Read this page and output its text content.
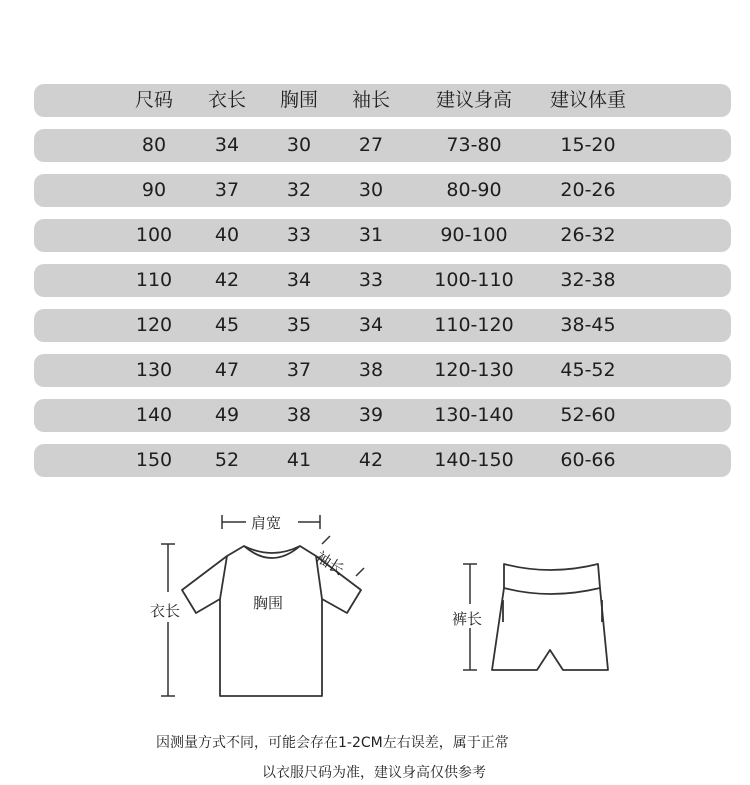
尺码	衣长	胸围	袖长	建议身高	建议体重
80	34	30	27	73-80	15-20
90	37	32	30	80-90	20-26
100	40	33	31	90-100	26-32
110	42	34	33	100-110	32-38
120	45	35	34	110-120	38-45
130	47	37	38	120-130	45-52
140	49	38	39	130-140	52-60
150	52	41	42	140-150	60-66
肩宽
袖长
胸围
衣长	裤长
因测量方式不同，可能会存在1-2CM左右误差，属于正常
以衣服尺码为准，建议身高仅供参考
